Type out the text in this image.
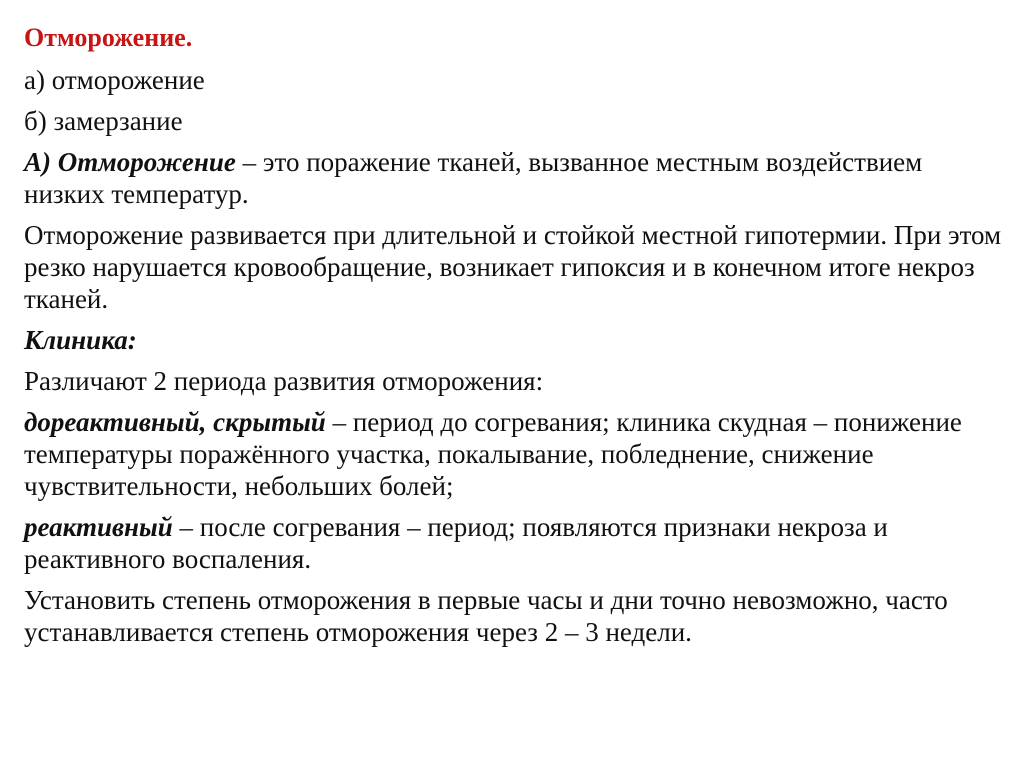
Отморожение.
а) отморожение
б) замерзание
А) Отморожение – это поражение тканей, вызванное местным воздействием низких температур.
Отморожение развивается при длительной и стойкой местной гипотермии. При этом резко нарушается кровообращение, возникает гипоксия и в конечном итоге некроз тканей.
Клиника:
Различают 2 периода развития отморожения:
дореактивный, скрытый – период до согревания; клиника скудная – понижение температуры поражённого участка, покалывание, побледнение, снижение чувствительности, небольших болей;
реактивный – после согревания – период; появляются признаки некроза и реактивного воспаления.
Установить степень отморожения в первые часы и дни точно невозможно, часто устанавливается степень отморожения через 2 – 3 недели.
